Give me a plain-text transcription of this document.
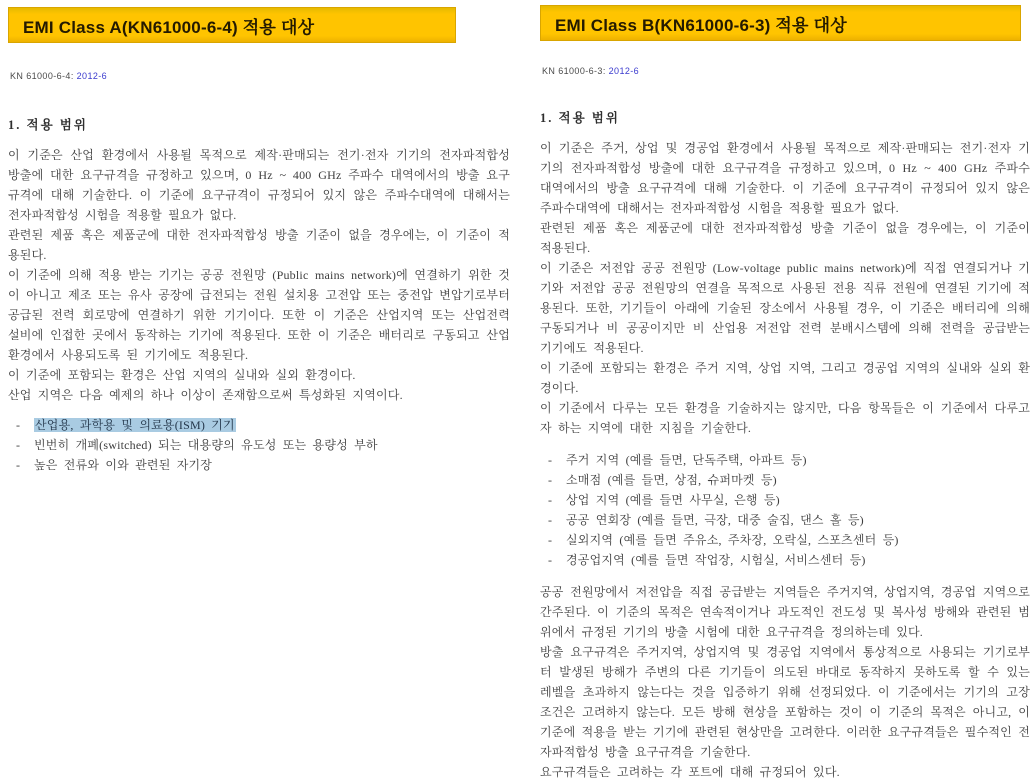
EMI Class A(KN61000-6-4) 적용 대상
KN 61000-6-4: 2012-6
1. 적용 범위

이 기준은 산업 환경에서 사용될 목적으로 제작·판매되는 전기·전자 기기의 전자파적합성 방출에 대한 요구규격을 규정하고 있으며, 0 Hz ~ 400 GHz 주파수 대역에서의 방출 요구규격에 대해 기술한다. 이 기준에 요구규격이 규정되어 있지 않은 주파수대역에 대해서는 전자파적합성 시험을 적용할 필요가 없다.

관련된 제품 혹은 제품군에 대한 전자파적합성 방출 기준이 없을 경우에는, 이 기준이 적용된다.

이 기준에 의해 적용 받는 기기는 공공 전원망 (Public mains network)에 연결하기 위한 것이 아니고 제조 또는 유사 공장에 급전되는 전원 설치용 고전압 또는 중전압 변압기로부터 공급된 전력 회로망에 연결하기 위한 기기이다. 또한 이 기준은 산업지역 또는 산업전력 설비에 인접한 곳에서 동작하는 기기에 적용된다. 또한 이 기준은 배터리로 구동되고 산업 환경에서 사용되도록 된 기기에도 적용된다.

이 기준에 포함되는 환경은 산업 지역의 실내와 실외 환경이다.

산업 지역은 다음 예제의 하나 이상이 존재함으로써 특성화된 지역이다.

- 산업용, 과학용 및 의료용(ISM) 기기
- 빈번히 개폐(switched) 되는 대용량의 유도성 또는 용량성 부하
- 높은 전류와 이와 관련된 자기장
EMI Class B(KN61000-6-3) 적용 대상
KN 61000-6-3: 2012-6
1. 적용 범위

이 기준은 주거, 상업 및 경공업 환경에서 사용될 목적으로 제작·판매되는 전기·전자 기기의 전자파적합성 방출에 대한 요구규격을 규정하고 있으며, 0 Hz ~ 400 GHz 주파수 대역에서의 방출 요구규격에 대해 기술한다. 이 기준에 요구규격이 규정되어 있지 않은 주파수대역에 대해서는 전자파적합성 시험을 적용할 필요가 없다.

관련된 제품 혹은 제품군에 대한 전자파적합성 방출 기준이 없을 경우에는, 이 기준이 적용된다.

이 기준은 저전압 공공 전원망 (Low-voltage public mains network)에 직접 연결되거나 기기와 저전압 공공 전원망의 연결을 목적으로 사용된 전용 직류 전원에 연결된 기기에 적용된다. 또한, 기기들이 아래에 기술된 장소에서 사용될 경우, 이 기준은 배터리에 의해 구동되거나 비 공공이지만 비 산업용 저전압 전력 분배시스템에 의해 전력을 공급받는 기기에도 적용된다.

이 기준에 포함되는 환경은 주거 지역, 상업 지역, 그리고 경공업 지역의 실내와 실외 환경이다.

이 기준에서 다루는 모든 환경을 기술하지는 않지만, 다음 항목들은 이 기준에서 다루고자 하는 지역에 대한 지침을 기술한다.

- 주거 지역 (예를 들면, 단독주택, 아파트 등)
- 소매점 (예를 들면, 상점, 슈퍼마켓 등)
- 상업 지역 (예를 들면 사무실, 은행 등)
- 공공 연회장 (예를 들면, 극장, 대중 술집, 댄스 홀 등)
- 실외지역 (예를 들면 주유소, 주차장, 오락실, 스포츠센터 등)
- 경공업지역 (예를 들면 작업장, 시험실, 서비스센터 등)

공공 전원망에서 저전압을 직접 공급받는 지역들은 주거지역, 상업지역, 경공업 지역으로 간주된다. 이 기준의 목적은 연속적이거나 과도적인 전도성 및 복사성 방해와 관련된 범위에서 규정된 기기의 방출 시험에 대한 요구규격을 정의하는데 있다.

방출 요구규격은 주거지역, 상업지역 및 경공업 지역에서 통상적으로 사용되는 기기로부터 발생된 방해가 주변의 다른 기기들이 의도된 바대로 동작하지 못하도록 할 수 있는 레벨을 초과하지 않는다는 것을 입증하기 위해 선정되었다. 이 기준에서는 기기의 고장 조건은 고려하지 않는다. 모든 방해 현상을 포함하는 것이 이 기준의 목적은 아니고, 이 기준에 적용을 받는 기기에 관련된 현상만을 고려한다. 이러한 요구규격들은 필수적인 전자파적합성 방출 요구규격을 기술한다.

요구규격들은 고려하는 각 포트에 대해 규정되어 있다.
